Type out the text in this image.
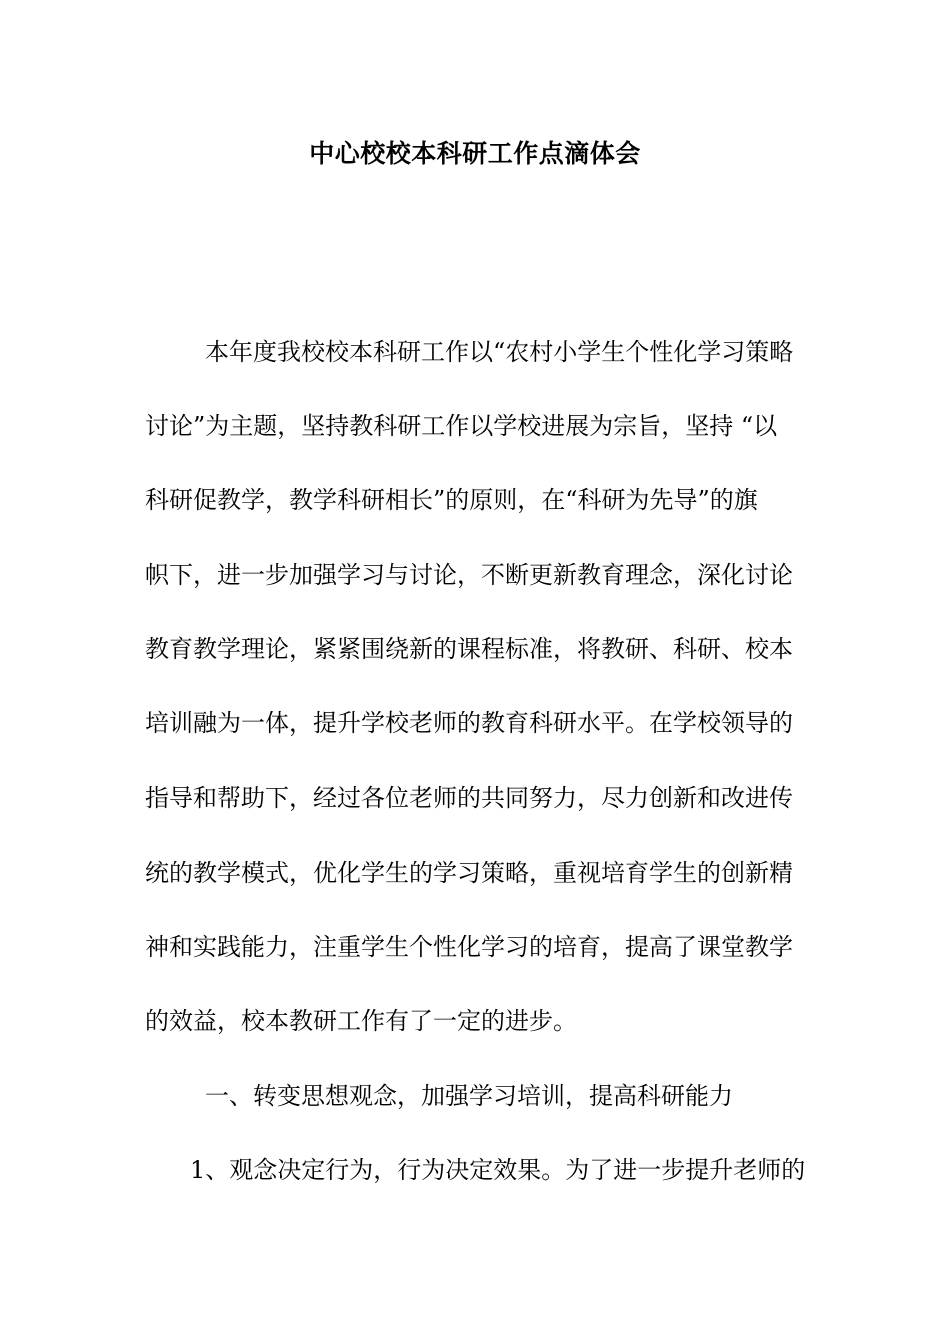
中心校校本科研工作点滴体会
本年度我校校本科研工作以“农村小学生个性化学习策略
讨论”为主题，坚持教科研工作以学校进展为宗旨，坚持 “以
科研促教学，教学科研相长”的原则，在“科研为先导”的旗
帜下，进一步加强学习与讨论，不断更新教育理念，深化讨论
教育教学理论，紧紧围绕新的课程标准，将教研、科研、校本
培训融为一体，提升学校老师的教育科研水平。在学校领导的
指导和帮助下，经过各位老师的共同努力，尽力创新和改进传
统的教学模式，优化学生的学习策略，重视培育学生的创新精
神和实践能力，注重学生个性化学习的培育，提高了课堂教学
的效益，校本教研工作有了一定的进步。
一、转变思想观念，加强学习培训，提高科研能力
1、观念决定行为，行为决定效果。为了进一步提升老师的
